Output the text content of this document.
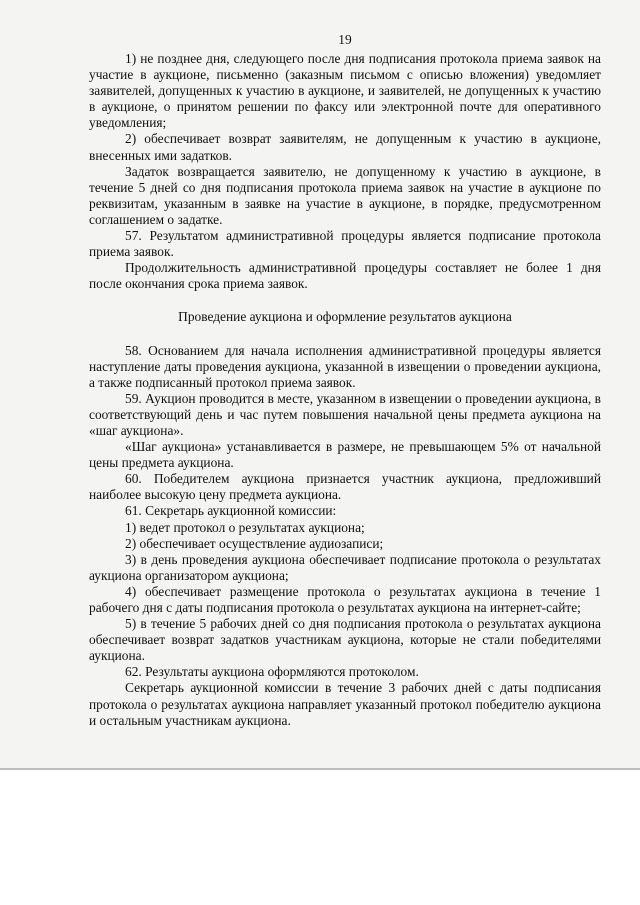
19

1) не позднее дня, следующего после дня подписания протокола приема заявок на участие в аукционе, письменно (заказным письмом с описью вложения) уведомляет заявителей, допущенных к участию в аукционе, и заявителей, не допущенных к участию в аукционе, о принятом решении по факсу или электронной почте для оперативного уведомления;

2) обеспечивает возврат заявителям, не допущенным к участию в аукционе, внесенных ими задатков.

Задаток возвращается заявителю, не допущенному к участию в аукционе, в течение 5 дней со дня подписания протокола приема заявок на участие в аукционе по реквизитам, указанным в заявке на участие в аукционе, в порядке, предусмотренном соглашением о задатке.

57. Результатом административной процедуры является подписание протокола приема заявок.

Продолжительность административной процедуры составляет не более 1 дня после окончания срока приема заявок.

Проведение аукциона и оформление результатов аукциона

58. Основанием для начала исполнения административной процедуры является наступление даты проведения аукциона, указанной в извещении о проведении аукциона, а также подписанный протокол приема заявок.

59. Аукцион проводится в месте, указанном в извещении о проведении аукциона, в соответствующий день и час путем повышения начальной цены предмета аукциона на «шаг аукциона».

«Шаг аукциона» устанавливается в размере, не превышающем 5% от начальной цены предмета аукциона.

60. Победителем аукциона признается участник аукциона, предложивший наиболее высокую цену предмета аукциона.

61. Секретарь аукционной комиссии:

1) ведет протокол о результатах аукциона;

2) обеспечивает осуществление аудиозаписи;

3) в день проведения аукциона обеспечивает подписание протокола о результатах аукциона организатором аукциона;

4) обеспечивает размещение протокола о результатах аукциона в течение 1 рабочего дня с даты подписания протокола о результатах аукциона на интернет-сайте;

5) в течение 5 рабочих дней со дня подписания протокола о результатах аукциона обеспечивает возврат задатков участникам аукциона, которые не стали победителями аукциона.

62. Результаты аукциона оформляются протоколом.

Секретарь аукционной комиссии в течение 3 рабочих дней с даты подписания протокола о результатах аукциона направляет указанный протокол победителю аукциона и остальным участникам аукциона.
